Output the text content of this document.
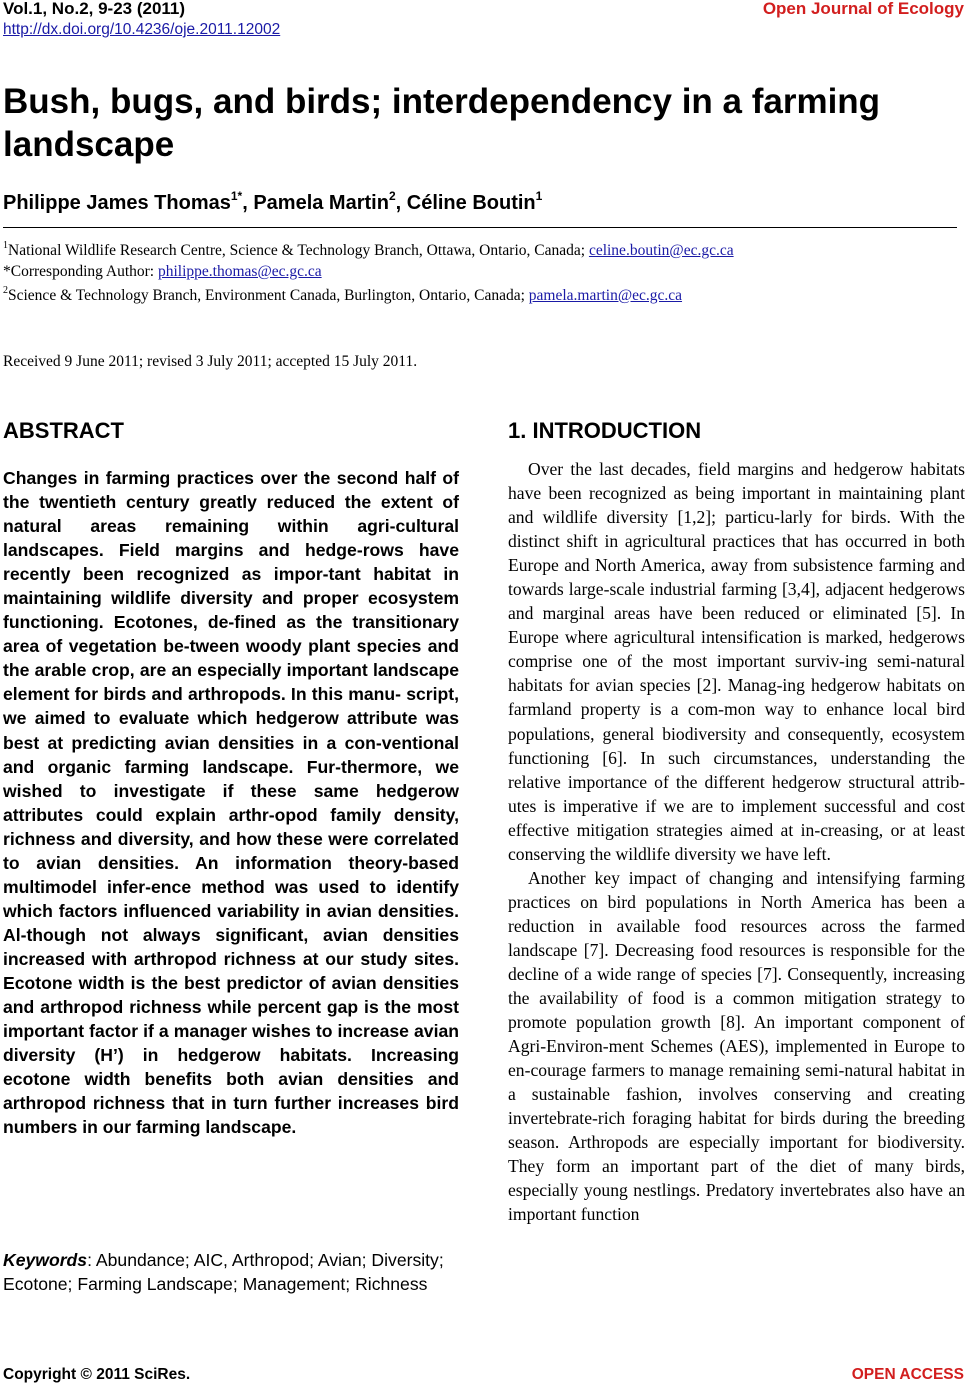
Vol.1, No.2, 9-23 (2011)
http://dx.doi.org/10.4236/oje.2011.12002
Open Journal of Ecology
Bush, bugs, and birds; interdependency in a farming landscape
Philippe James Thomas$^{1*}$, Pamela Martin$^2$, Céline Boutin$^1$
$^1$National Wildlife Research Centre, Science & Technology Branch, Ottawa, Ontario, Canada; celine.boutin@ec.gc.ca
*Corresponding Author: philippe.thomas@ec.gc.ca
$^2$Science & Technology Branch, Environment Canada, Burlington, Ontario, Canada; pamela.martin@ec.gc.ca
Received 9 June 2011; revised 3 July 2011; accepted 15 July 2011.
ABSTRACT

Changes in farming practices over the second half of the twentieth century greatly reduced the extent of natural areas remaining within agri-cultural landscapes. Field margins and hedge-rows have recently been recognized as impor-tant habitat in maintaining wildlife diversity and proper ecosystem functioning. Ecotones, de-fined as the transitionary area of vegetation be-tween woody plant species and the arable crop, are an especially important landscape element for birds and arthropods. In this manu- script, we aimed to evaluate which hedgerow attribute was best at predicting avian densities in a con-ventional and organic farming landscape. Fur-thermore, we wished to investigate if these same hedgerow attributes could explain arthr-opod family density, richness and diversity, and how these were correlated to avian densities. An information theory-based multimodel infer-ence method was used to identify which factors influenced variability in avian densities. Al-though not always significant, avian densities increased with arthropod richness at our study sites. Ecotone width is the best predictor of avian densities and arthropod richness while percent gap is the most important factor if a manager wishes to increase avian diversity (H’) in hedgerow habitats. Increasing ecotone width benefits both avian densities and arthropod richness that in turn further increases bird numbers in our farming landscape.

Keywords: Abundance; AIC, Arthropod; Avian; Diversity; Ecotone; Farming Landscape; Management; Richness

1. INTRODUCTION

Over the last decades, field margins and hedgerow habitats have been recognized as being important in maintaining plant and wildlife diversity [1,2]; particu-larly for birds. With the distinct shift in agricultural practices that has occurred in both Europe and North America, away from subsistence farming and towards large-scale industrial farming [3,4], adjacent hedgerows and marginal areas have been reduced or eliminated [5]. In Europe where agricultural intensification is marked, hedgerows comprise one of the most important surviv-ing semi-natural habitats for avian species [2]. Manag-ing hedgerow habitats on farmland property is a com-mon way to enhance local bird populations, general biodiversity and consequently, ecosystem functioning [6]. In such circumstances, understanding the relative importance of the different hedgerow structural attrib-utes is imperative if we are to implement successful and cost effective mitigation strategies aimed at in-creasing, or at least conserving the wildlife diversity we have left.

Another key impact of changing and intensifying farming practices on bird populations in North America has been a reduction in available food resources across the farmed landscape [7]. Decreasing food resources is responsible for the decline of a wide range of species [7]. Consequently, increasing the availability of food is a common mitigation strategy to promote population growth [8]. An important component of Agri-Environ-ment Schemes (AES), implemented in Europe to en-courage farmers to manage remaining semi-natural habitat in a sustainable fashion, involves conserving and creating invertebrate-rich foraging habitat for birds during the breeding season. Arthropods are especially important for biodiversity. They form an important part of the diet of many birds, especially young nestlings. Predatory invertebrates also have an important function

Copyright © 2011 SciRes.	OPEN ACCESS
